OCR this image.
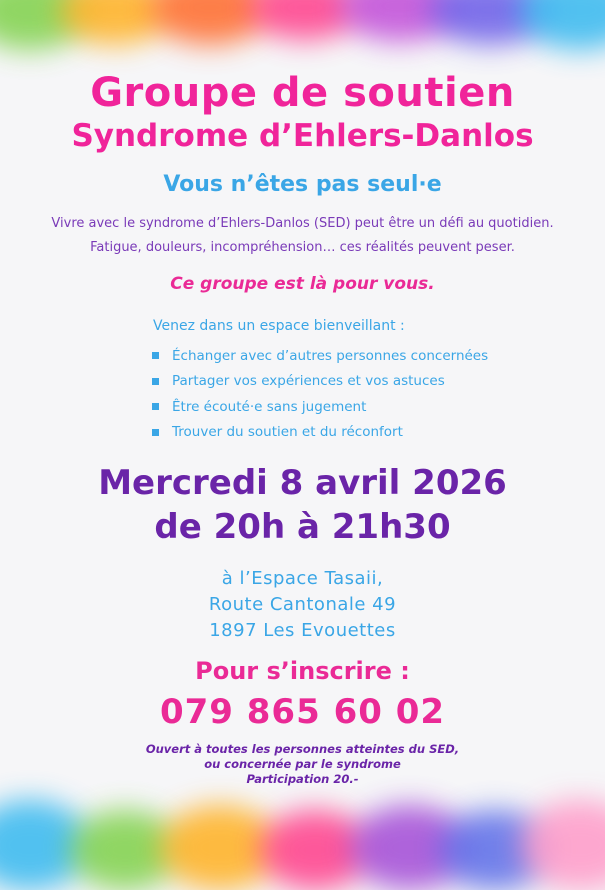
Groupe de soutien
Syndrome d’Ehlers-Danlos
Vous n’êtes pas seul·e
Vivre avec le syndrome d’Ehlers-Danlos (SED) peut être un défi au quotidien.
Fatigue, douleurs, incompréhension… ces réalités peuvent peser.
Ce groupe est là pour vous.
Venez dans un espace bienveillant :
Échanger avec d’autres personnes concernées
Partager vos expériences et vos astuces
Être écouté·e sans jugement
Trouver du soutien et du réconfort
Mercredi 8 avril 2026
de 20h à 21h30
à l’Espace Tasaii,
Route Cantonale 49
1897 Les Evouettes
Pour s’inscrire :
079 865 60 02
Ouvert à toutes les personnes atteintes du SED,
ou concernée par le syndrome
Participation 20.-
